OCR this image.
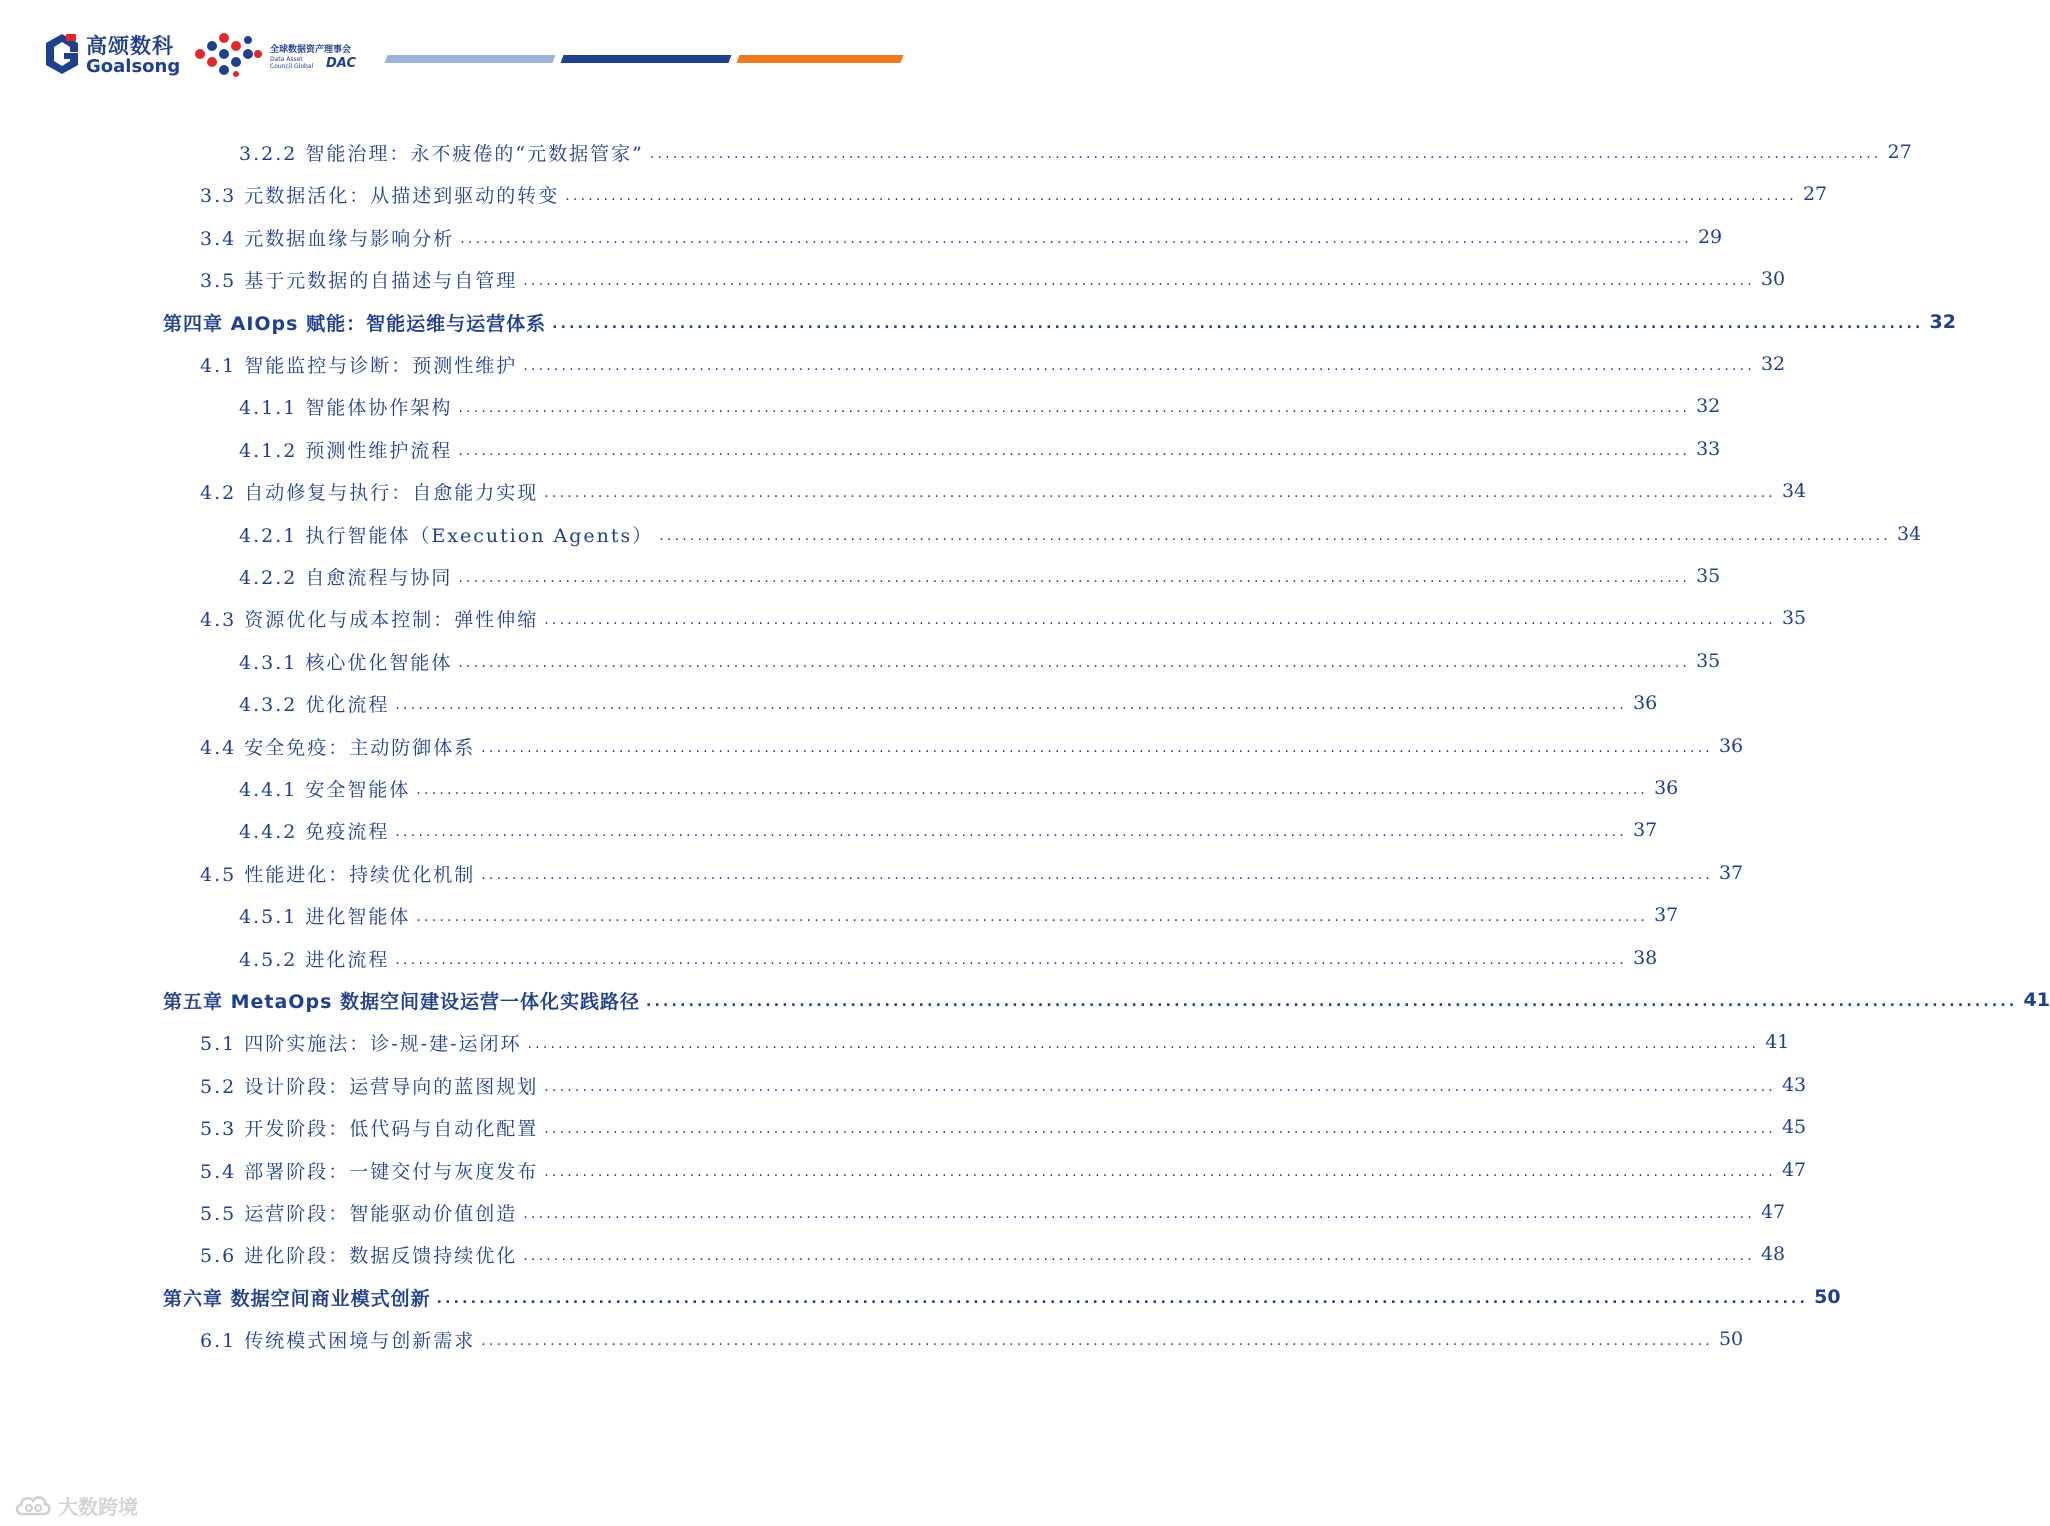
高颂数科
Goalsong
全球数据资产理事会
Data Asset Council Global DAC
3.2.2 智能治理：永不疲倦的“元数据管家” ................................................................................................................................................................. 27
3.3 元数据活化：从描述到驱动的转变 ................................................................................................................................................................. 27
3.4 元数据血缘与影响分析 ................................................................................................................................................................. 29
3.5 基于元数据的自描述与自管理 ................................................................................................................................................................. 30
第四章 AIOps 赋能：智能运维与运营体系 ................................................................................................................................................................. 32
4.1 智能监控与诊断：预测性维护 ................................................................................................................................................................. 32
4.1.1 智能体协作架构 ................................................................................................................................................................. 32
4.1.2 预测性维护流程 ................................................................................................................................................................. 33
4.2 自动修复与执行：自愈能力实现 ................................................................................................................................................................. 34
4.2.1 执行智能体（Execution Agents） ................................................................................................................................................................. 34
4.2.2 自愈流程与协同 ................................................................................................................................................................. 35
4.3 资源优化与成本控制：弹性伸缩 ................................................................................................................................................................. 35
4.3.1 核心优化智能体 ................................................................................................................................................................. 35
4.3.2 优化流程 ................................................................................................................................................................. 36
4.4 安全免疫：主动防御体系 ................................................................................................................................................................. 36
4.4.1 安全智能体 ................................................................................................................................................................. 36
4.4.2 免疫流程 ................................................................................................................................................................. 37
4.5 性能进化：持续优化机制 ................................................................................................................................................................. 37
4.5.1 进化智能体 ................................................................................................................................................................. 37
4.5.2 进化流程 ................................................................................................................................................................. 38
第五章 MetaOps 数据空间建设运营一体化实践路径 ................................................................................................................................................................. 41
5.1 四阶实施法：诊-规-建-运闭环 ................................................................................................................................................................. 41
5.2 设计阶段：运营导向的蓝图规划 ................................................................................................................................................................. 43
5.3 开发阶段：低代码与自动化配置 ................................................................................................................................................................. 45
5.4 部署阶段：一键交付与灰度发布 ................................................................................................................................................................. 47
5.5 运营阶段：智能驱动价值创造 ................................................................................................................................................................. 47
5.6 进化阶段：数据反馈持续优化 ................................................................................................................................................................. 48
第六章 数据空间商业模式创新 ................................................................................................................................................................. 50
6.1 传统模式困境与创新需求 ................................................................................................................................................................. 50
大数跨境
